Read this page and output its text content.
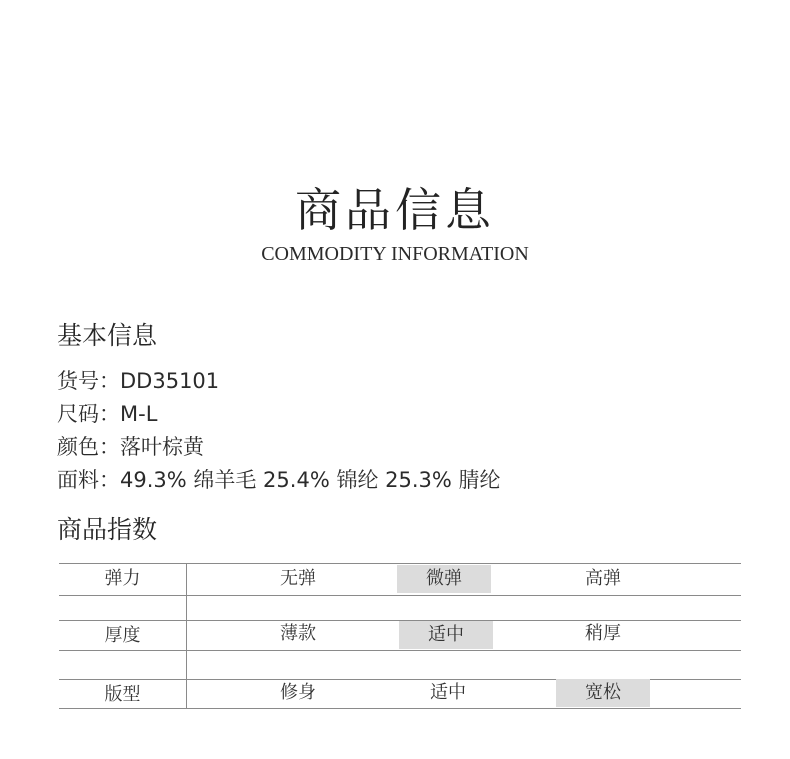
商品信息
COMMODITY INFORMATION
基本信息
货号：DD35101
尺码：M-L
颜色：落叶棕黄
面料：49.3% 绵羊毛 25.4% 锦纶 25.3% 腈纶
商品指数
弹力	无弹	微弹	高弹
厚度	薄款	适中	稍厚
版型	修身	适中	宽松
